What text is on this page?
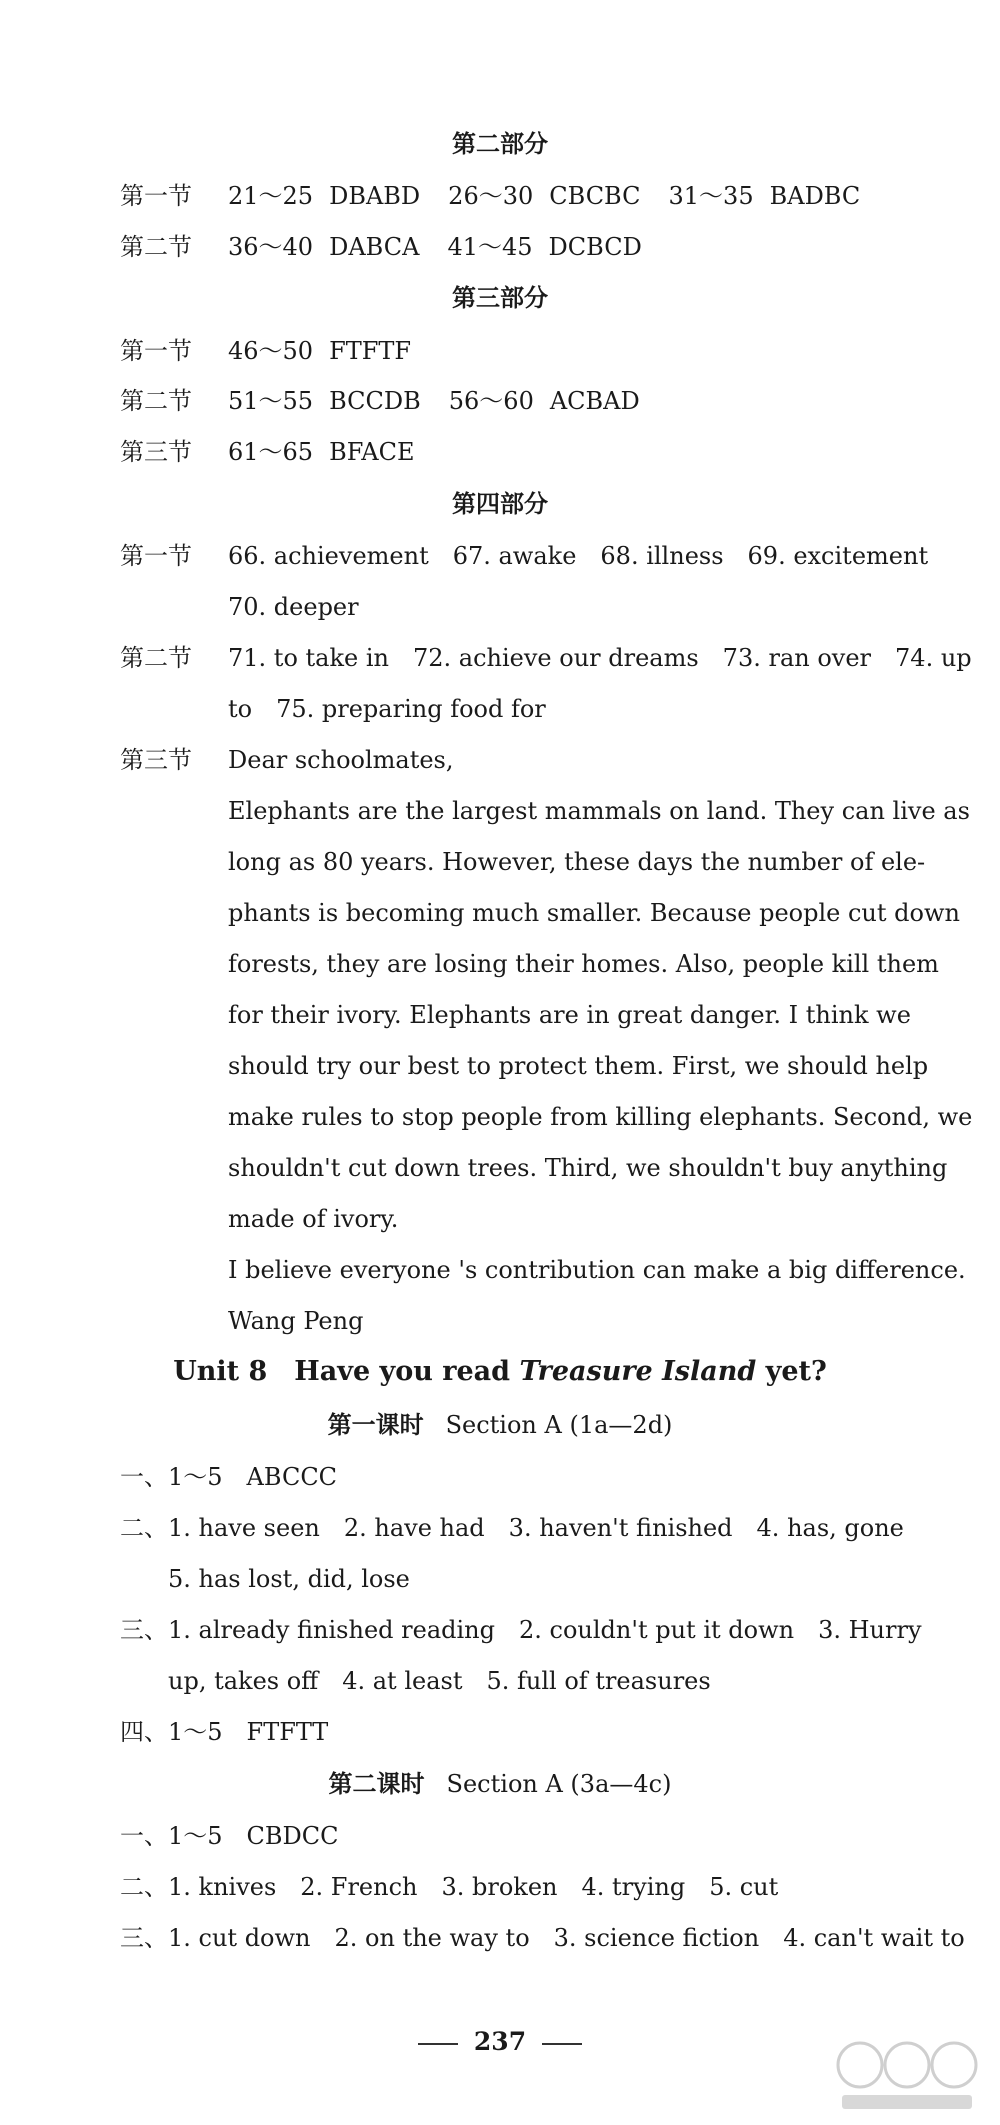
第二部分
第一节 21～25 DBABD 26～30 CBCBC 31～35 BADBC
第二节 36～40 DABCA 41～45 DCBCD
第三部分
第一节 46～50 FTFTF
第二节 51～55 BCCDB 56～60 ACBAD
第三节 61～65 BFACE
第四部分
第一节 66. achievement　67. awake　68. illness　69. excitement
70. deeper
第二节 71. to take in　72. achieve our dreams　73. ran over　74. up
to　75. preparing food for
第三节 Dear schoolmates,
Elephants are the largest mammals on land. They can live as
long as 80 years. However, these days the number of ele-
phants is becoming much smaller. Because people cut down
forests, they are losing their homes. Also, people kill them
for their ivory. Elephants are in great danger. I think we
should try our best to protect them. First, we should help
make rules to stop people from killing elephants. Second, we
shouldn't cut down trees. Third, we shouldn't buy anything
made of ivory.
I believe everyone 's contribution can make a big difference.
Wang Peng
Unit 8　Have you read Treasure Island yet?
第一课时 Section A (1a—2d)
一、1～5　ABCCC
二、1. have seen　2. have had　3. haven't finished　4. has, gone
5. has lost, did, lose
三、1. already finished reading　2. couldn't put it down　3. Hurry
up, takes off　4. at least　5. full of treasures
四、1～5　FTFTT
第二课时 Section A (3a—4c)
一、1～5　CBDCC
二、1. knives　2. French　3. broken　4. trying　5. cut
三、1. cut down　2. on the way to　3. science fiction　4. can't wait to
237
